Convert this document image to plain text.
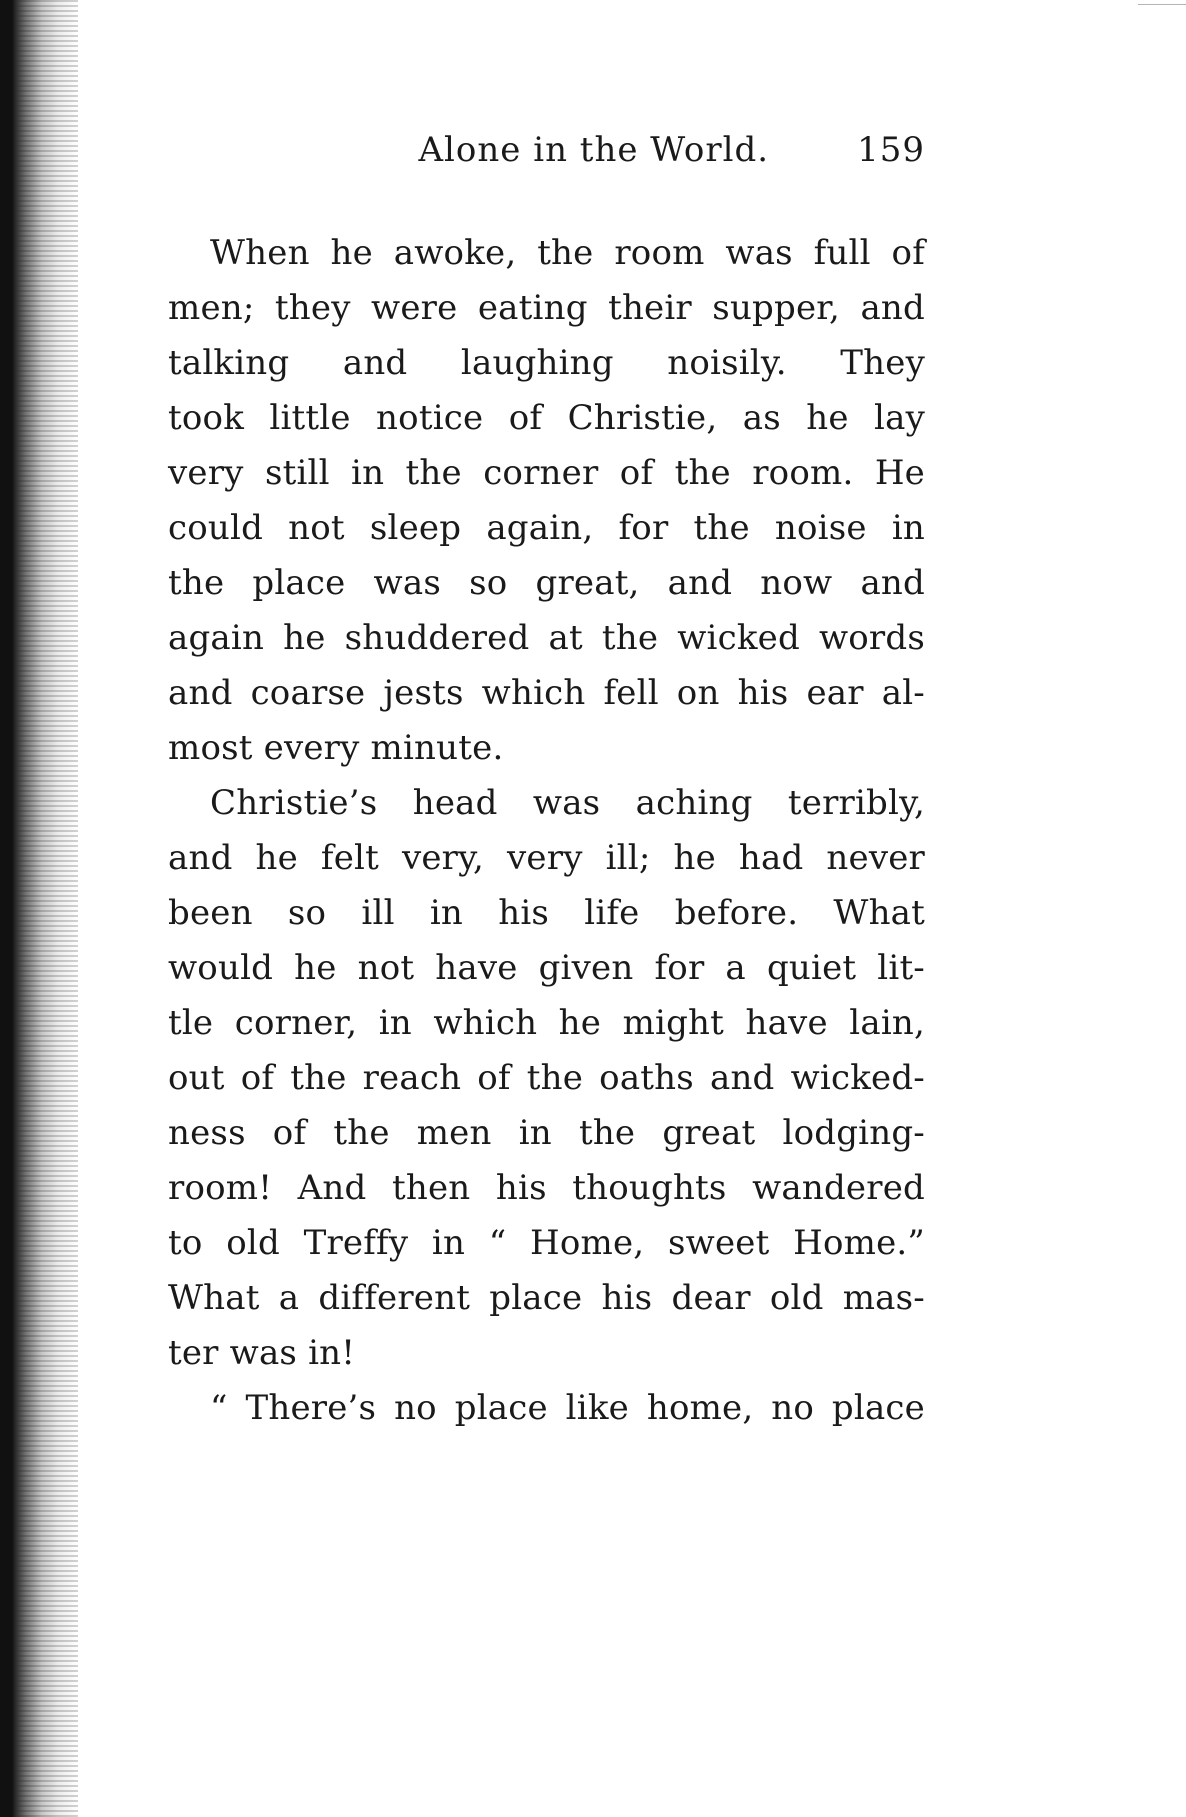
Alone in the World.	159
When he awoke, the room was full of
men; they were eating their supper, and
talking and laughing noisily. They
took little notice of Christie, as he lay
very still in the corner of the room. He
could not sleep again, for the noise in
the place was so great, and now and
again he shuddered at the wicked words
and coarse jests which fell on his ear al-
most every minute.
Christie’s head was aching terribly,
and he felt very, very ill; he had never
been so ill in his life before. What
would he not have given for a quiet lit-
tle corner, in which he might have lain,
out of the reach of the oaths and wicked-
ness of the men in the great lodging-
room! And then his thoughts wandered
to old Treffy in “ Home, sweet Home.”
What a different place his dear old mas-
ter was in!
“ There’s no place like home, no place
